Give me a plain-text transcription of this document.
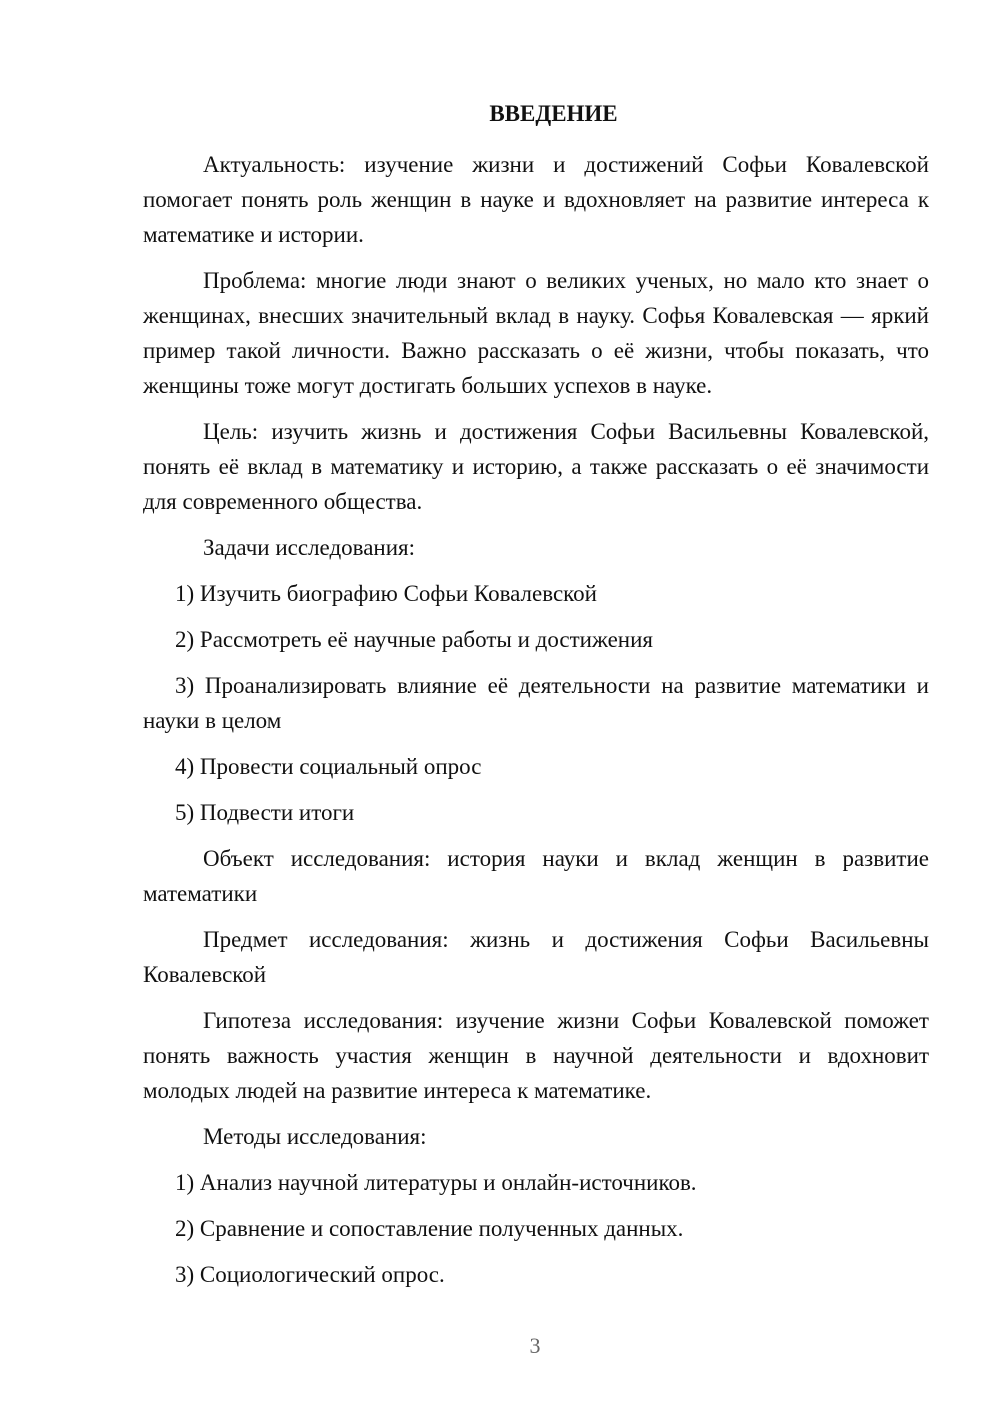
ВВЕДЕНИЕ

Актуальность: изучение жизни и достижений Софьи Ковалевской помогает понять роль женщин в науке и вдохновляет на развитие интереса к математике и истории.

Проблема: многие люди знают о великих ученых, но мало кто знает о женщинах, внесших значительный вклад в науку. Софья Ковалевская — яркий пример такой личности. Важно рассказать о её жизни, чтобы показать, что женщины тоже могут достигать больших успехов в науке.

Цель: изучить жизнь и достижения Софьи Васильевны Ковалевской, понять её вклад в математику и историю, а также рассказать о её значимости для современного общества.

Задачи исследования:

1) Изучить биографию Софьи Ковалевской

2) Рассмотреть её научные работы и достижения

3) Проанализировать влияние её деятельности на развитие математики и науки в целом

4) Провести социальный опрос

5) Подвести итоги

Объект исследования: история науки и вклад женщин в развитие математики

Предмет исследования: жизнь и достижения Софьи Васильевны Ковалевской

Гипотеза исследования: изучение жизни Софьи Ковалевской поможет понять важность участия женщин в научной деятельности и вдохновит молодых людей на развитие интереса к математике.

Методы исследования:

1) Анализ научной литературы и онлайн-источников.

2) Сравнение и сопоставление полученных данных.

3) Социологический опрос.

3
